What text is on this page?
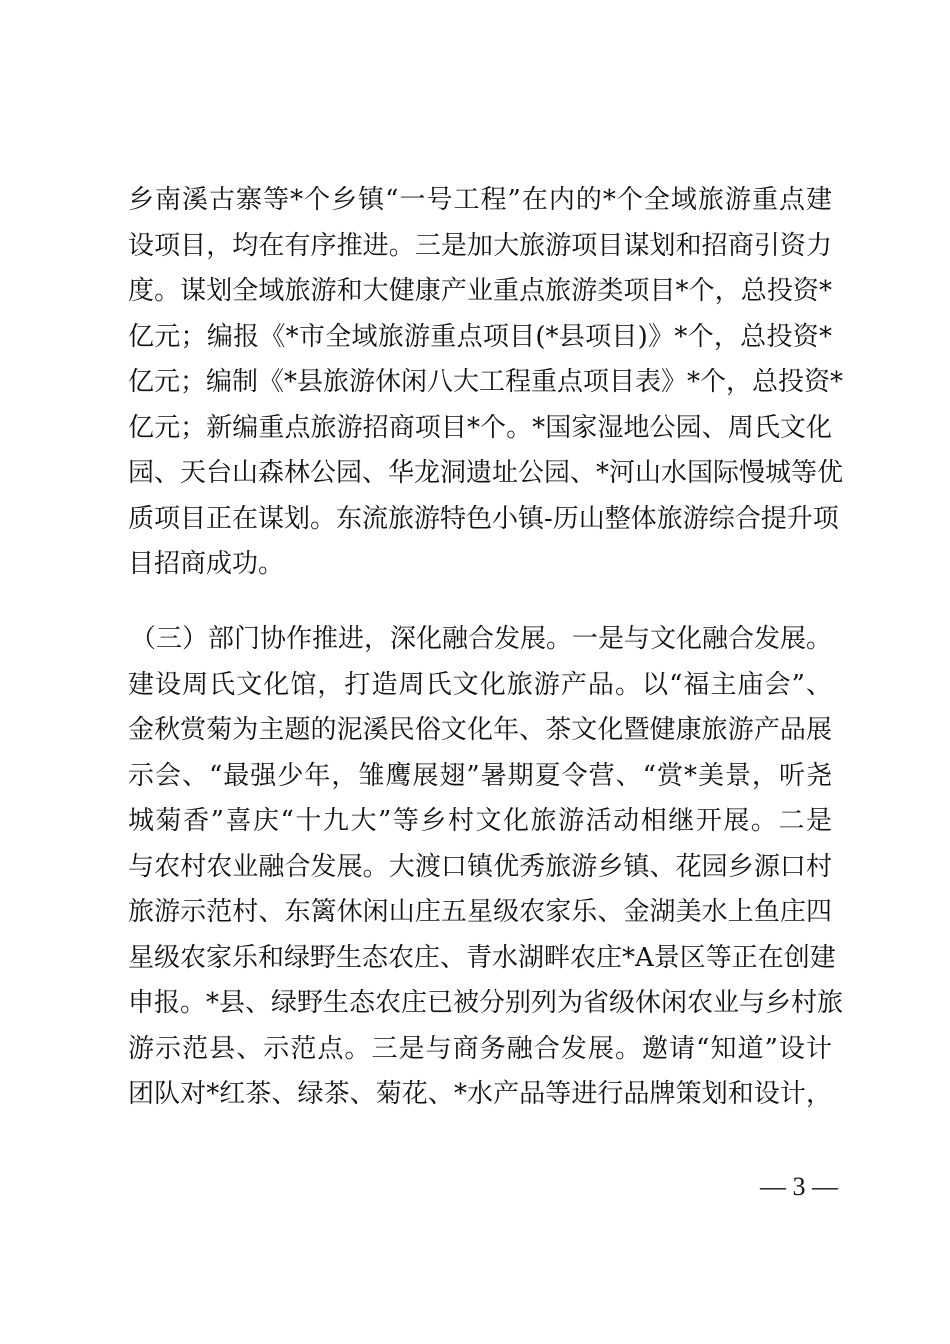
乡南溪古寨等*个乡镇“一号工程”在内的*个全域旅游重点建
设项目，均在有序推进。三是加大旅游项目谋划和招商引资力
度。谋划全域旅游和大健康产业重点旅游类项目*个，总投资*
亿元；编报《*市全域旅游重点项目(*县项目)》*个，总投资*
亿元；编制《*县旅游休闲八大工程重点项目表》*个，总投资*
亿元；新编重点旅游招商项目*个。*国家湿地公园、周氏文化
园、天台山森林公园、华龙洞遗址公园、*河山水国际慢城等优
质项目正在谋划。东流旅游特色小镇-历山整体旅游综合提升项
目招商成功。
（三）部门协作推进，深化融合发展。一是与文化融合发展。
建设周氏文化馆，打造周氏文化旅游产品。以“福主庙会”、
金秋赏菊为主题的泥溪民俗文化年、茶文化暨健康旅游产品展
示会、“最强少年，雏鹰展翅”暑期夏令营、“赏*美景，听尧
城菊香”喜庆“十九大”等乡村文化旅游活动相继开展。二是
与农村农业融合发展。大渡口镇优秀旅游乡镇、花园乡源口村
旅游示范村、东篱休闲山庄五星级农家乐、金湖美水上鱼庄四
星级农家乐和绿野生态农庄、青水湖畔农庄*A景区等正在创建
申报。*县、绿野生态农庄已被分别列为省级休闲农业与乡村旅
游示范县、示范点。三是与商务融合发展。邀请“知道”设计
团队对*红茶、绿茶、菊花、*水产品等进行品牌策划和设计，
— 3 —
